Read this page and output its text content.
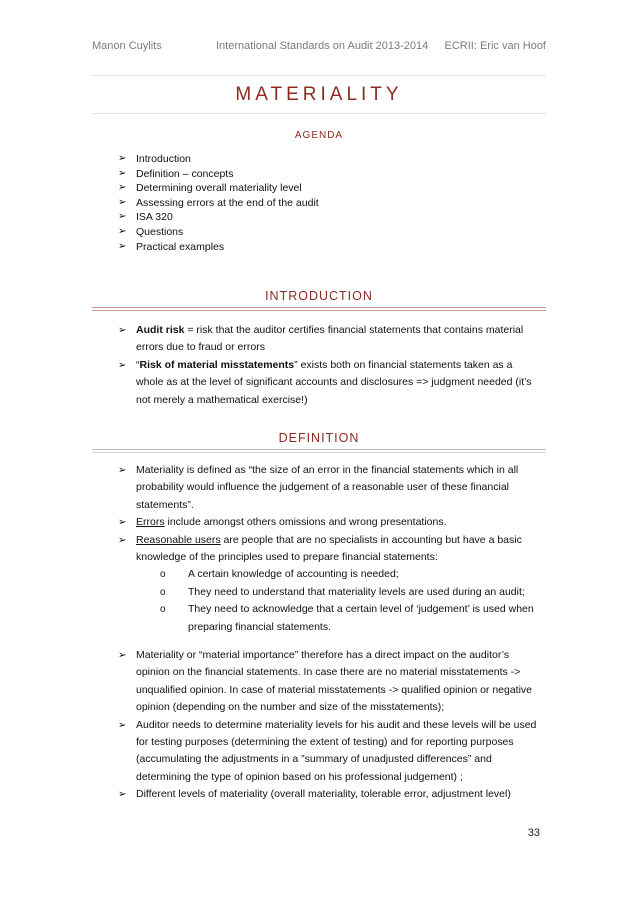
Manon Cuylits	International Standards on Audit 2013-2014 ECRII: Eric van Hoof
MATERIALITY
AGENDA
➢ Introduction
➢ Definition – concepts
➢ Determining overall materiality level
➢ Assessing errors at the end of the audit
➢ ISA 320
➢ Questions
➢ Practical examples
INTRODUCTION
➢ Audit risk = risk that the auditor certifies financial statements that contains material errors due to fraud or errors
➢ “Risk of material misstatements” exists both on financial statements taken as a whole as at the level of significant accounts and disclosures => judgment needed (it’s not merely a mathematical exercise!)
DEFINITION
➢ Materiality is defined as “the size of an error in the financial statements which in all probability would influence the judgement of a reasonable user of these financial statements”.
➢ Errors include amongst others omissions and wrong presentations.
➢ Reasonable users are people that are no specialists in accounting but have a basic knowledge of the principles used to prepare financial statements:
o A certain knowledge of accounting is needed;
o They need to understand that materiality levels are used during an audit;
o They need to acknowledge that a certain level of ‘judgement’ is used when preparing financial statements.
➢ Materiality or “material importance” therefore has a direct impact on the auditor’s opinion on the financial statements. In case there are no material misstatements -> unqualified opinion. In case of material misstatements -> qualified opinion or negative opinion (depending on the number and size of the misstatements);
➢ Auditor needs to determine materiality levels for his audit and these levels will be used for testing purposes (determining the extent of testing) and for reporting purposes (accumulating the adjustments in a ”summary of unadjusted differences” and determining the type of opinion based on his professional judgement) ;
➢ Different levels of materiality (overall materiality, tolerable error, adjustment level)
33
